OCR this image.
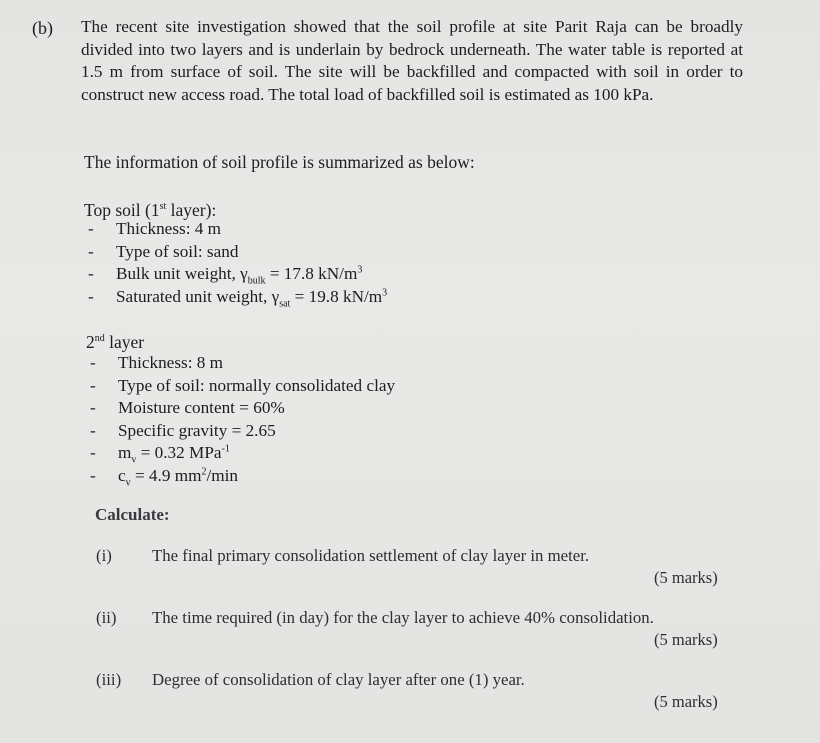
(b) The recent site investigation showed that the soil profile at site Parit Raja can be broadly divided into two layers and is underlain by bedrock underneath. The water table is reported at 1.5 m from surface of soil. The site will be backfilled and compacted with soil in order to construct new access road. The total load of backfilled soil is estimated as 100 kPa.
The information of soil profile is summarized as below:
Top soil (1st layer):
- Thickness: 4 m
- Type of soil: sand
- Bulk unit weight, $\gamma_{bulk} = 17.8$ $kN/m^3$
- Saturated unit weight, $\gamma_{sat} = 19.8$ $kN/m^3$
2nd layer
- Thickness: 8 m
- Type of soil: normally consolidated clay
- Moisture content = 60%
- Specific gravity = 2.65
- $m_v = 0.32$ MPa$^{-1}$
- $c_v = 4.9$ $mm^2/\min$
Calculate:
(i) The final primary consolidation settlement of clay layer in meter.
(5 marks)
(ii) The time required (in day) for the clay layer to achieve 40% consolidation.
(5 marks)
(iii) Degree of consolidation of clay layer after one (1) year.
(5 marks)
